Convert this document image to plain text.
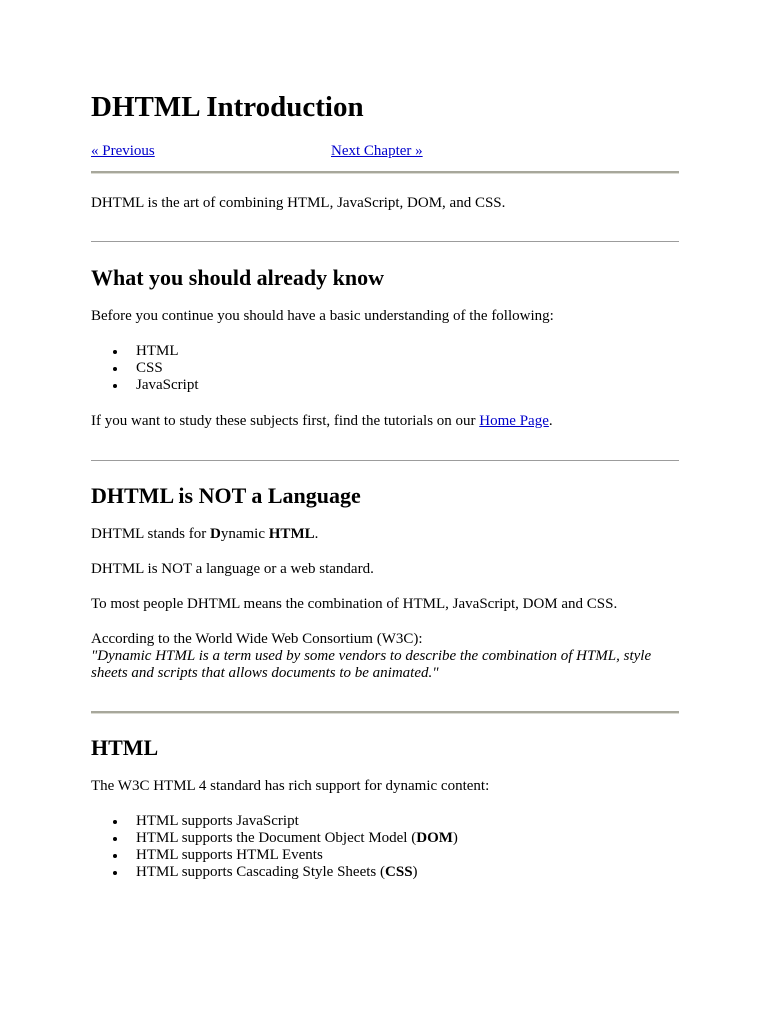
DHTML Introduction
« Previous	Next Chapter »

DHTML is the art of combining HTML, JavaScript, DOM, and CSS.

What you should already know

Before you continue you should have a basic understanding of the following:

HTML
CSS
JavaScript

If you want to study these subjects first, find the tutorials on our Home Page.

DHTML is NOT a Language

DHTML stands for Dynamic HTML.

DHTML is NOT a language or a web standard.

To most people DHTML means the combination of HTML, JavaScript, DOM and CSS.

According to the World Wide Web Consortium (W3C):
"Dynamic HTML is a term used by some vendors to describe the combination of HTML, style sheets and scripts that allows documents to be animated."

HTML

The W3C HTML 4 standard has rich support for dynamic content:

HTML supports JavaScript
HTML supports the Document Object Model (DOM)
HTML supports HTML Events
HTML supports Cascading Style Sheets (CSS)
